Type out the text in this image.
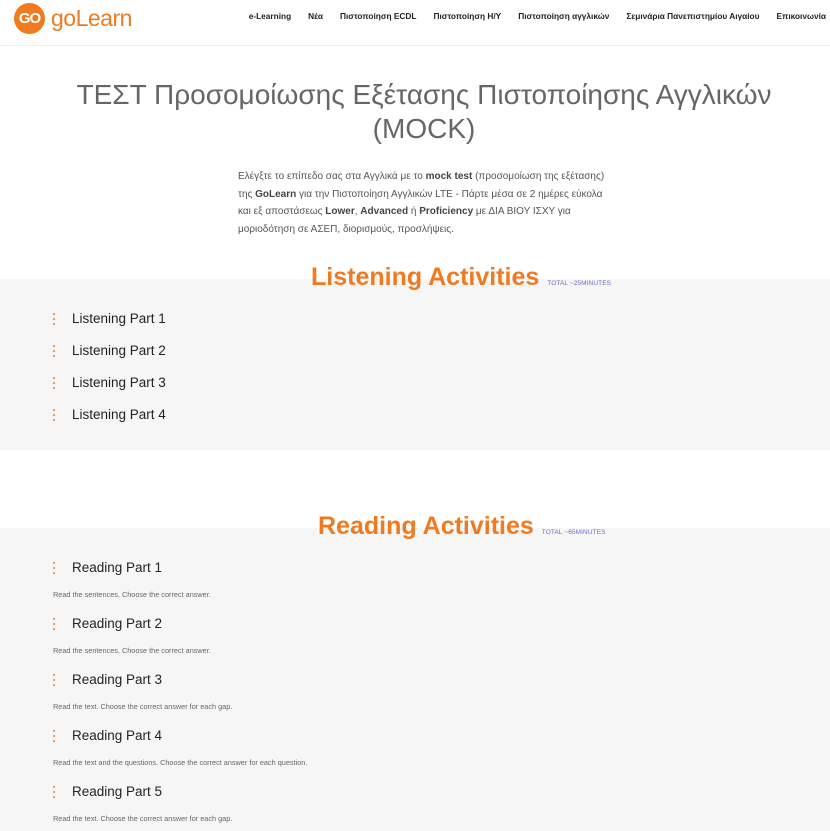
GO goLearn	e-Learning Νέα Πιστοποίηση ECDL Πιστοποίηση Η/Υ Πιστοποίηση αγγλικών Σεμινάρια Πανεπιστημίου Αιγαίου Επικοινωνία
ΤΕΣΤ Προσομοίωσης Εξέτασης Πιστοποίησης Αγγλικών (MOCK)

Ελέγξτε το επίπεδο σας στα Αγγλικά με το mock test (προσομοίωση της εξέτασης) της GoLearn για την Πιστοποίηση Αγγλικών LTE - Πάρτε μέσα σε 2 ημέρες εύκολα και εξ αποστάσεως Lower, Advanced ή Proficiency με ΔΙΑ ΒΙΟΥ ΙΣΧΥ για μοριοδότηση σε ΑΣΕΠ, διορισμούς, προσλήψεις.

Listening Activities TOTAL ~25MINUTES
Listening Part 1
Listening Part 2
Listening Part 3
Listening Part 4
Reading Activities TOTAL ~65MINUTES
Reading Part 1
Read the sentences. Choose the correct answer.
Reading Part 2
Read the sentences. Choose the correct answer.
Reading Part 3
Read the text. Choose the correct answer for each gap.
Reading Part 4
Read the text and the questions. Choose the correct answer for each question.
Reading Part 5
Read the text. Choose the correct answer for each gap.
